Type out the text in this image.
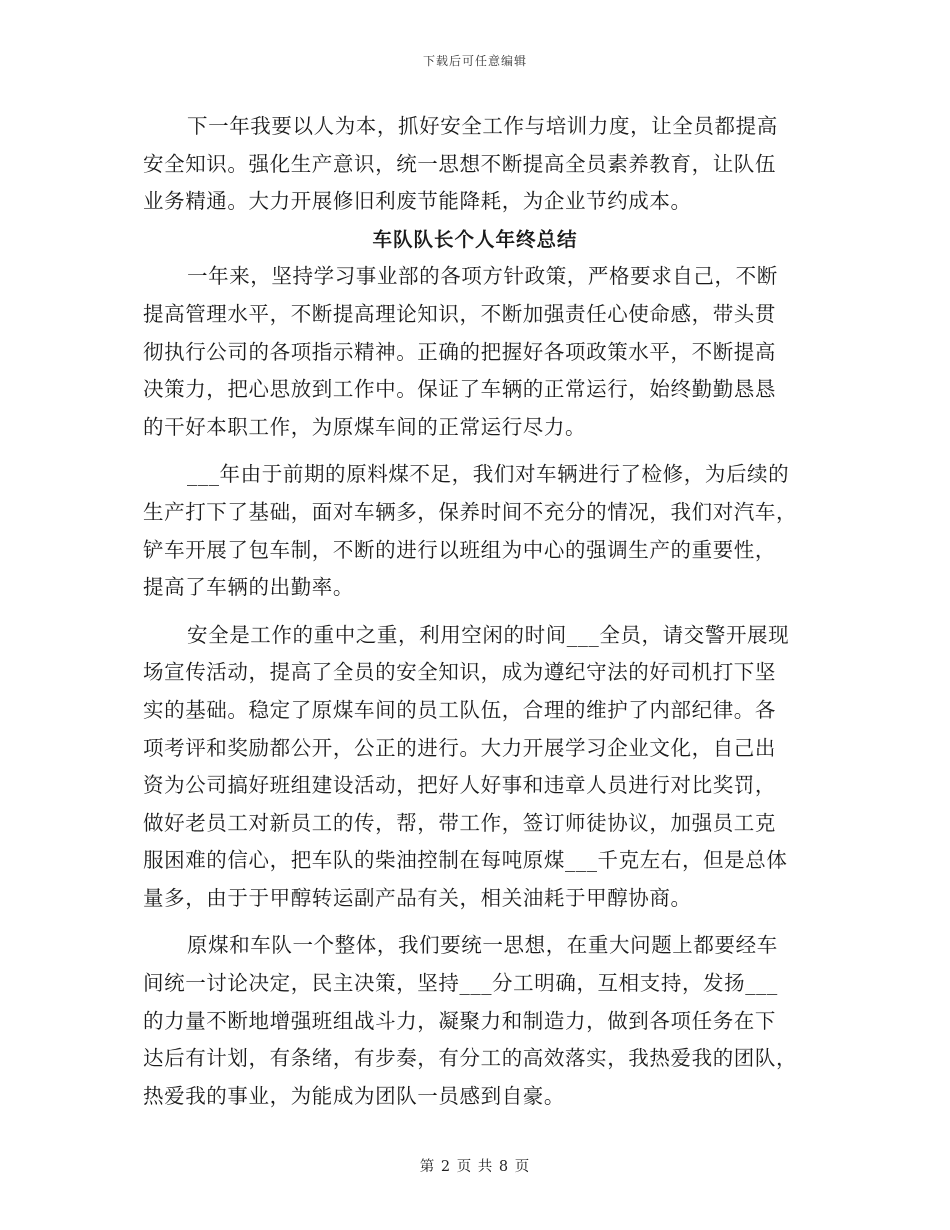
下载后可任意编辑
下一年我要以人为本，抓好安全工作与培训力度，让全员都提高
安全知识。强化生产意识，统一思想不断提高全员素养教育，让队伍
业务精通。大力开展修旧利废节能降耗，为企业节约成本。
车队队长个人年终总结
一年来，坚持学习事业部的各项方针政策，严格要求自己，不断
提高管理水平，不断提高理论知识，不断加强责任心使命感，带头贯
彻执行公司的各项指示精神。正确的把握好各项政策水平，不断提高
决策力，把心思放到工作中。保证了车辆的正常运行，始终勤勤恳恳
的干好本职工作，为原煤车间的正常运行尽力。
___年由于前期的原料煤不足，我们对车辆进行了检修，为后续的
生产打下了基础，面对车辆多，保养时间不充分的情况，我们对汽车，
铲车开展了包车制，不断的进行以班组为中心的强调生产的重要性，
提高了车辆的出勤率。
安全是工作的重中之重，利用空闲的时间___全员，请交警开展现
场宣传活动，提高了全员的安全知识，成为遵纪守法的好司机打下坚
实的基础。稳定了原煤车间的员工队伍，合理的维护了内部纪律。各
项考评和奖励都公开，公正的进行。大力开展学习企业文化，自己出
资为公司搞好班组建设活动，把好人好事和违章人员进行对比奖罚，
做好老员工对新员工的传，帮，带工作，签订师徒协议，加强员工克
服困难的信心，把车队的柴油控制在每吨原煤___千克左右，但是总体
量多，由于于甲醇转运副产品有关，相关油耗于甲醇协商。
原煤和车队一个整体，我们要统一思想，在重大问题上都要经车
间统一讨论决定，民主决策，坚持___分工明确，互相支持，发扬___
的力量不断地增强班组战斗力，凝聚力和制造力，做到各项任务在下
达后有计划，有条绪，有步奏，有分工的高效落实，我热爱我的团队，
热爱我的事业，为能成为团队一员感到自豪。
第 2 页 共 8 页
